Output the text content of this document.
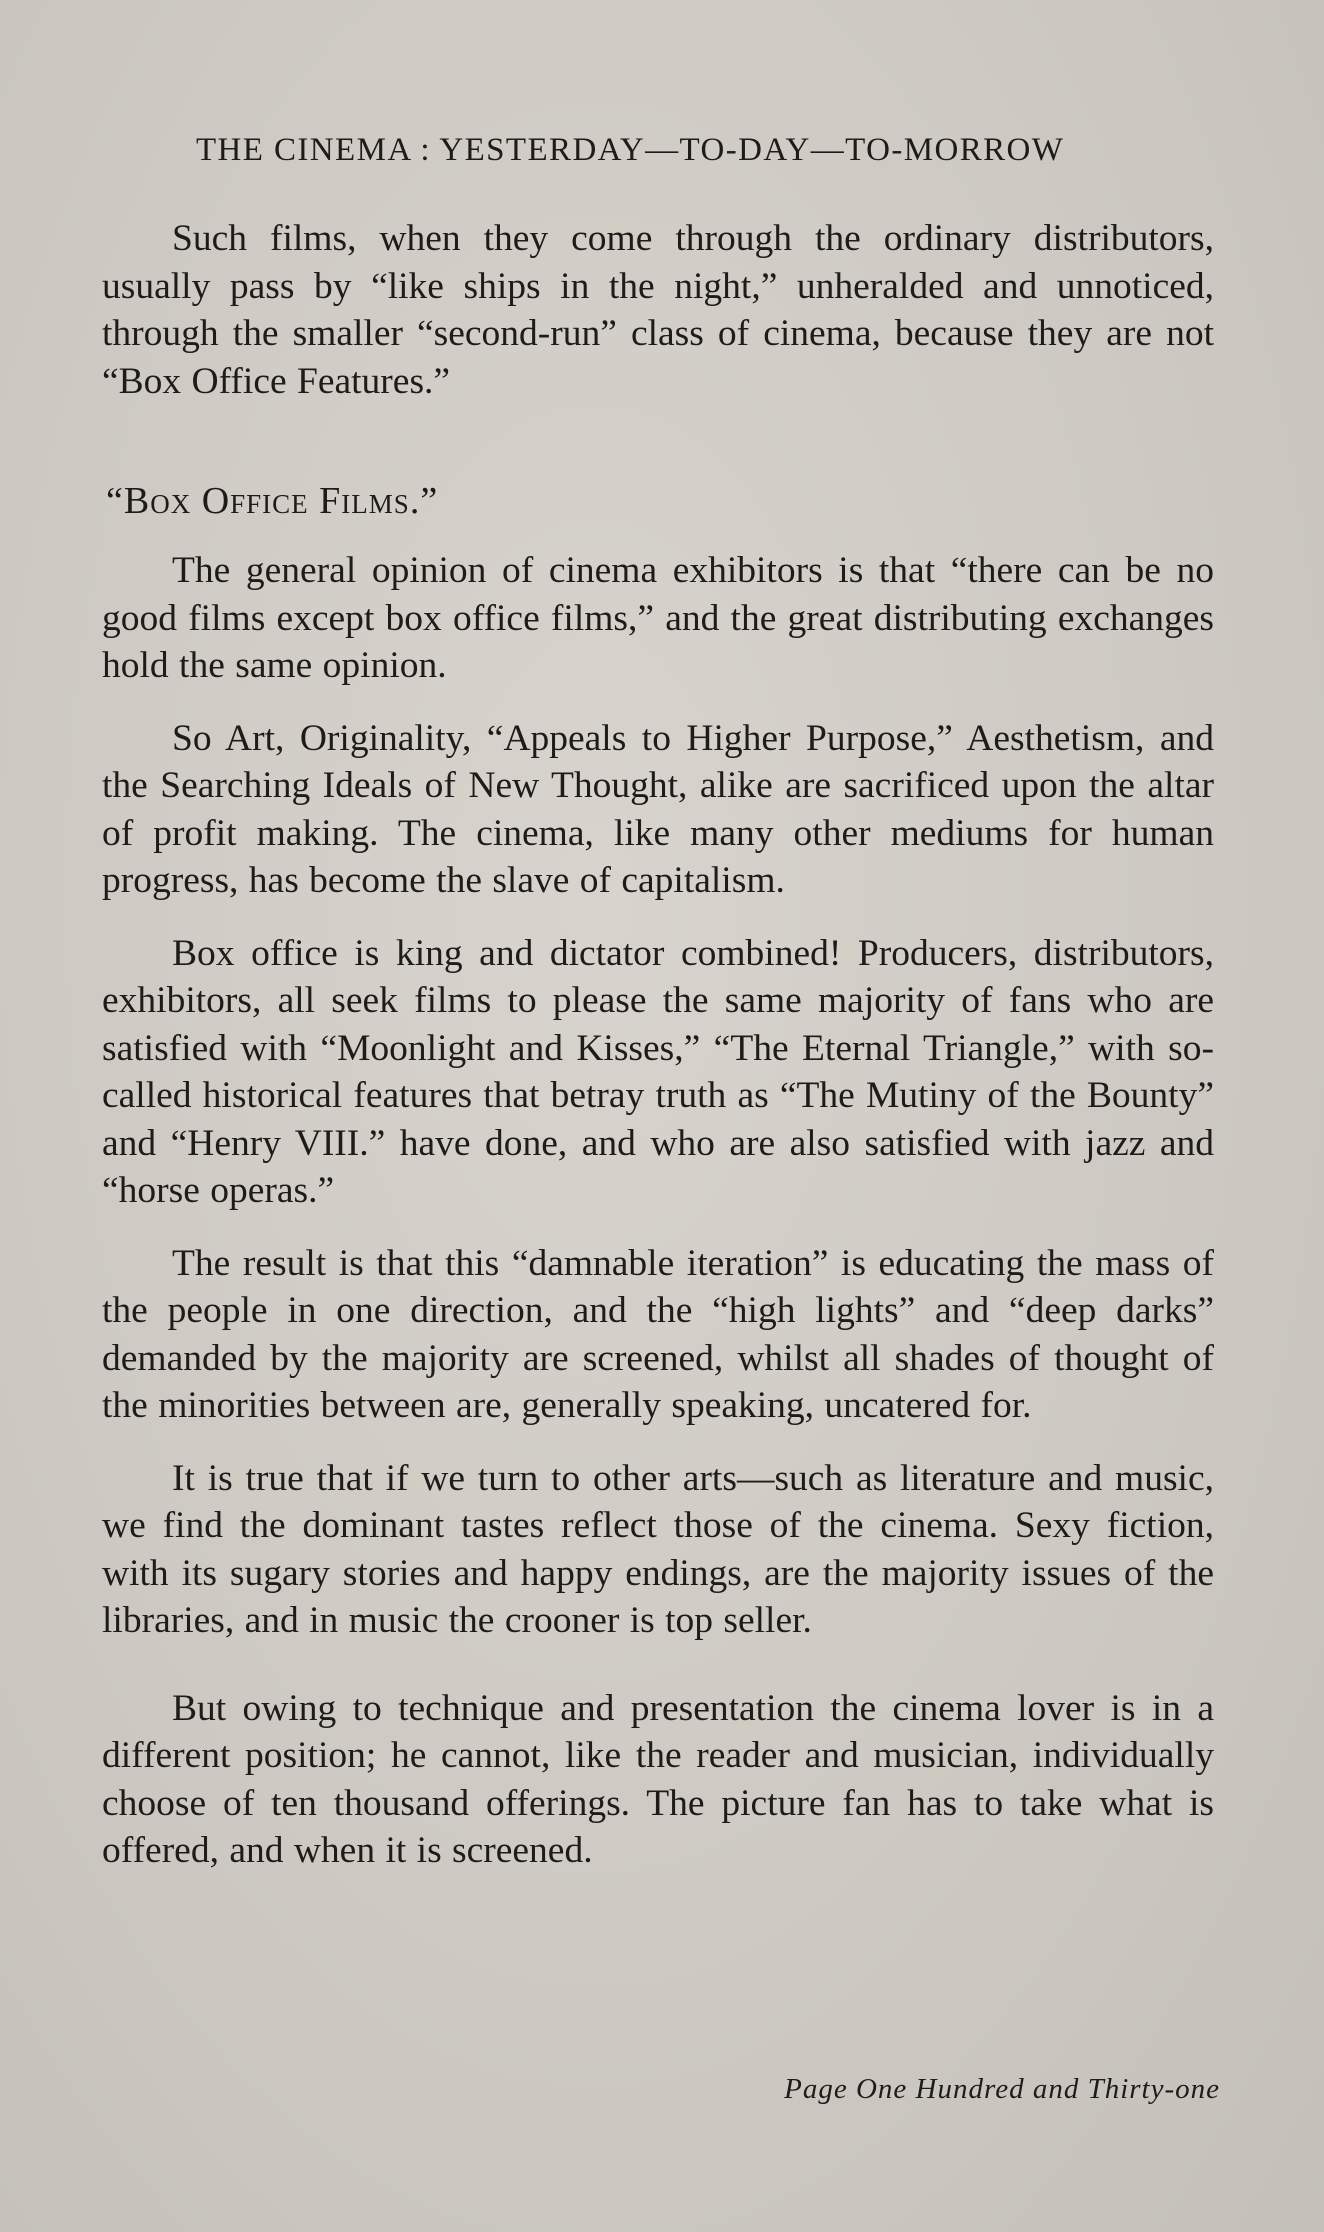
THE CINEMA : YESTERDAY—TO-DAY—TO-MORROW

Such films, when they come through the ordinary distributors, usually pass by “like ships in the night,” unheralded and unnoticed, through the smaller “second-run” class of cinema, because they are not “Box Office Features.”

“Box Office Films.”

The general opinion of cinema exhibitors is that “there can be no good films except box office films,” and the great distributing exchanges hold the same opinion.

So Art, Originality, “Appeals to Higher Purpose,” Aesthetism, and the Searching Ideals of New Thought, alike are sacrificed upon the altar of profit making. The cinema, like many other mediums for human progress, has become the slave of capitalism.

Box office is king and dictator combined! Producers, distributors, exhibitors, all seek films to please the same majority of fans who are satisfied with “Moonlight and Kisses,” “The Eternal Triangle,” with so-called historical features that betray truth as “The Mutiny of the Bounty” and “Henry VIII.” have done, and who are also satisfied with jazz and “horse operas.”

The result is that this “damnable iteration” is educating the mass of the people in one direction, and the “high lights” and “deep darks” demanded by the majority are screened, whilst all shades of thought of the minorities between are, generally speaking, uncatered for.

It is true that if we turn to other arts—such as literature and music, we find the dominant tastes reflect those of the cinema. Sexy fiction, with its sugary stories and happy endings, are the majority issues of the libraries, and in music the crooner is top seller.

But owing to technique and presentation the cinema lover is in a different position; he cannot, like the reader and musician, individually choose of ten thousand offerings. The picture fan has to take what is offered, and when it is screened.

Page One Hundred and Thirty-one
